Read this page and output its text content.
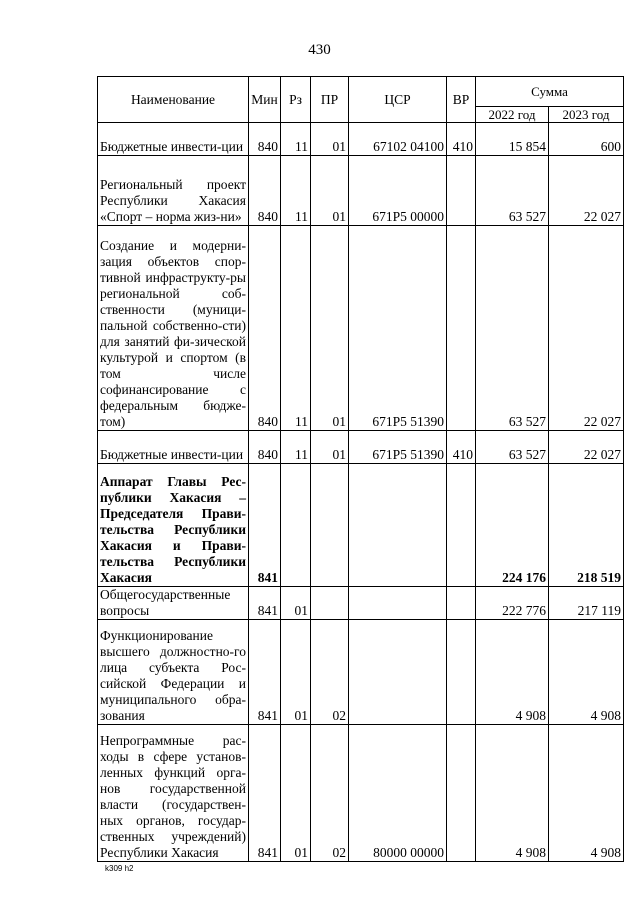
430
Наименование	Мин	Рз	ПР	ЦСР	ВР	Сумма	
						2022 год	2023 год
Бюджетные инвести-ции	840	11	01	67102 04100	410	15 854	600
Региональный проект Республики Хакасия «Спорт – норма жиз-ни»	840	11	01	671P5 00000		63 527	22 027
Создание и модерни-зация объектов спор-тивной инфраструкту-ры региональной соб-ственности (муници-пальной собственно-сти) для занятий фи-зической культурой и спортом (в том числе софинансирование с федеральным бюдже-том)	840	11	01	671P5 51390		63 527	22 027
Бюджетные инвести-ции	840	11	01	671P5 51390	410	63 527	22 027
Аппарат Главы Рес-публики Хакасия – Председателя Прави-тельства Республики Хакасия и Прави-тельства Республики Хакасия	841					224 176	218 519
Общегосударственные вопросы	841	01				222 776	217 119
Функционирование высшего должностно-го лица субъекта Рос-сийской Федерации и муниципального обра-зования	841	01	02			4 908	4 908
Непрограммные рас-ходы в сфере установ-ленных функций орга-нов государственной власти (государствен-ных органов, государ-ственных учреждений) Республики Хакасия	841	01	02	80000 00000		4 908	4 908
k309 h2
